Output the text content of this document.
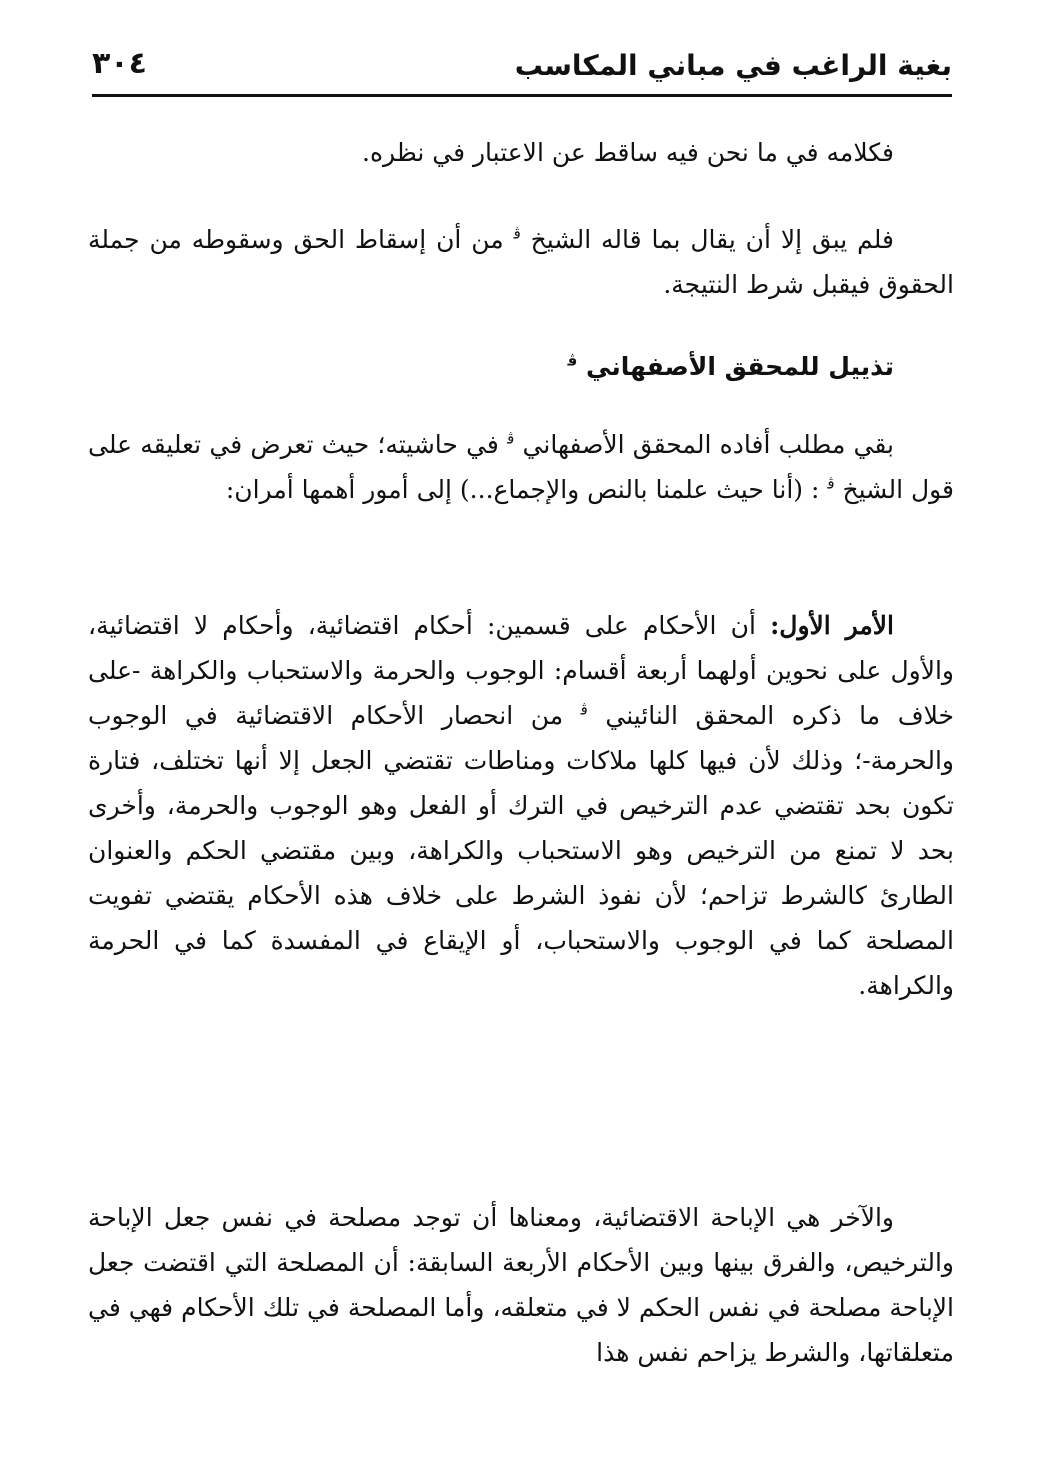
بغية الراغب في مباني المكاسب
٣٠٤
فكلامه في ما نحن فيه ساقط عن الاعتبار في نظره.
فلم يبق إلا أن يقال بما قاله الشيخ $^ﭬ$ من أن إسقاط الحق وسقوطه من جملة الحقوق فيقبل شرط النتيجة.
تذييل للمحقق الأصفهاني $^ﭬ$
بقي مطلب أفاده المحقق الأصفهاني $^ﭬ$ في حاشيته؛ حيث تعرض في تعليقه على قول الشيخ $^ﭬ$ : (أنا حيث علمنا بالنص والإجماع...) إلى أمور أهمها أمران:
الأمر الأول: أن الأحكام على قسمين: أحكام اقتضائية، وأحكام لا اقتضائية، والأول على نحوين أولهما أربعة أقسام: الوجوب والحرمة والاستحباب والكراهة -على خلاف ما ذكره المحقق النائيني $^ﭬ$ من انحصار الأحكام الاقتضائية في الوجوب والحرمة-؛ وذلك لأن فيها كلها ملاكات ومناطات تقتضي الجعل إلا أنها تختلف، فتارة تكون بحد تقتضي عدم الترخيص في الترك أو الفعل وهو الوجوب والحرمة، وأخرى بحد لا تمنع من الترخيص وهو الاستحباب والكراهة، وبين مقتضي الحكم والعنوان الطارئ كالشرط تزاحم؛ لأن نفوذ الشرط على خلاف هذه الأحكام يقتضي تفويت المصلحة كما في الوجوب والاستحباب، أو الإيقاع في المفسدة كما في الحرمة والكراهة.
والآخر هي الإباحة الاقتضائية، ومعناها أن توجد مصلحة في نفس جعل الإباحة والترخيص، والفرق بينها وبين الأحكام الأربعة السابقة: أن المصلحة التي اقتضت جعل الإباحة مصلحة في نفس الحكم لا في متعلقه، وأما المصلحة في تلك الأحكام فهي في متعلقاتها، والشرط يزاحم نفس هذا
